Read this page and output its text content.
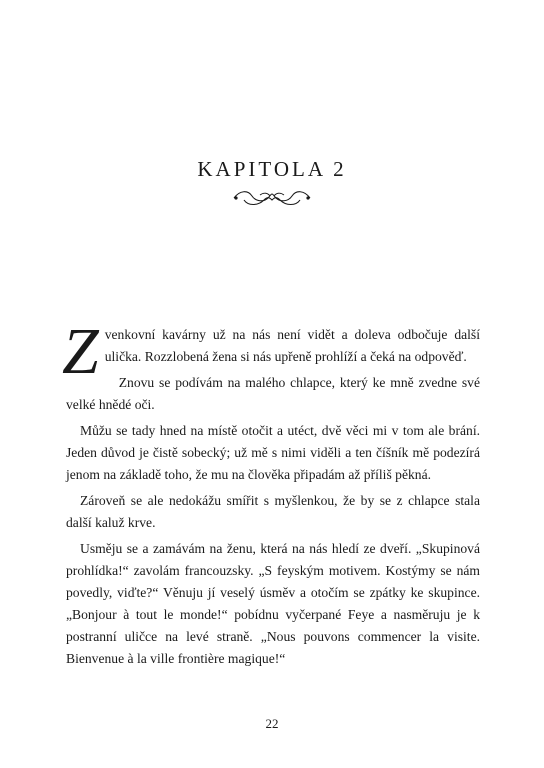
KAPITOLA 2

Z venkovní kavárny už na nás není vidět a doleva odbočuje další ulička. Rozzlobená žena si nás upřeně prohlíží a čeká na odpověď.

Znovu se podívám na malého chlapce, který ke mně zvedne své velké hnědé oči.

Můžu se tady hned na místě otočit a utéct, dvě věci mi v tom ale brání. Jeden důvod je čistě sobecký; už mě s nimi viděli a ten číšník mě podezírá jenom na základě toho, že mu na člověka připadám až příliš pěkná.

Zároveň se ale nedokážu smířit s myšlenkou, že by se z chlapce stala další kaluž krve.

Usměju se a zamávám na ženu, která na nás hledí ze dveří. „Skupinová prohlídka!“ zavolám francouzsky. „S feyským motivem. Kostýmy se nám povedly, viďte?“ Věnuju jí veselý úsměv a otočím se zpátky ke skupince. „Bonjour à tout le monde!“ pobídnu vyčerpané Feye a nasměruju je k postranní uličce na levé straně. „Nous pouvons commencer la visite. Bienvenue à la ville frontière magique!“

22
